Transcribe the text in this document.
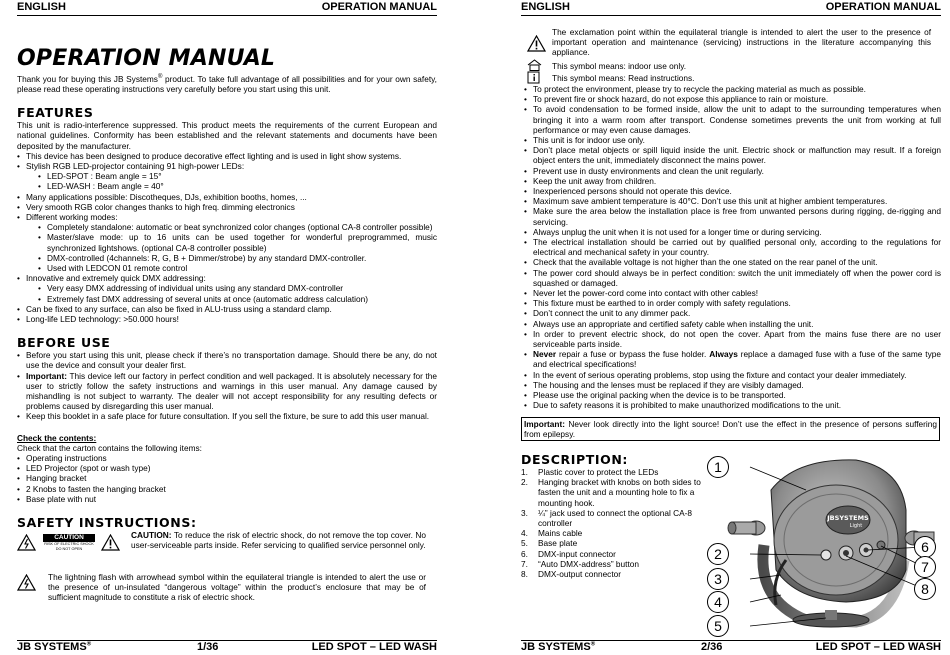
ENGLISH	OPERATION MANUAL
OPERATION MANUAL

Thank you for buying this JB Systems® product. To take full advantage of all possibilities and for your own safety, please read these operating instructions very carefully before you start using this unit.

FEATURES

This unit is radio-interference suppressed. This product meets the requirements of the current European and national guidelines. Conformity has been established and the relevant statements and documents have been deposited by the manufacturer.

• This device has been designed to produce decorative effect lighting and is used in light show systems.
• Stylish RGB LED-projector containing 91 high-power LEDs:
• LED-SPOT : Beam angle = 15°
• LED-WASH : Beam angle = 40°
• Many applications possible: Discotheques, DJs, exhibition booths, homes, ...
• Very smooth RGB color changes thanks to high freq. dimming electronics
• Different working modes:
• Completely standalone: automatic or beat synchronized color changes (optional CA-8 controller possible)
• Master/slave mode: up to 16 units can be used together for wonderful preprogrammed, music synchronized lightshows. (optional CA-8 controller possible)
• DMX-controlled (4channels: R, G, B + Dimmer/strobe) by any standard DMX-controller.
• Used with LEDCON 01 remote control
• Innovative and extremely quick DMX addressing:
• Very easy DMX addressing of individual units using any standard DMX-controller
• Extremely fast DMX addressing of several units at once (automatic address calculation)
• Can be fixed to any surface, can also be fixed in ALU-truss using a standard clamp.
• Long-life LED technology: >50.000 hours!
BEFORE USE
• Before you start using this unit, please check if there’s no transportation damage. Should there be any, do not use the device and consult your dealer first.
• Important: This device left our factory in perfect condition and well packaged. It is absolutely necessary for the user to strictly follow the safety instructions and warnings in this user manual. Any damage caused by mishandling is not subject to warranty. The dealer will not accept responsibility for any resulting defects or problems caused by disregarding this user manual.
• Keep this booklet in a safe place for future consultation. If you sell the fixture, be sure to add this user manual.

Check the contents:

Check that the carton contains the following items:

• Operating instructions
• LED Projector (spot or wash type)
• Hanging bracket
• 2 Knobs to fasten the hanging bracket
• Base plate with nut
SAFETY INSTRUCTIONS:
CAUTION
RISK OF ELECTRIC SHOCK
DO NOT OPEN

CAUTION: To reduce the risk of electric shock, do not remove the top cover. No user-serviceable parts inside. Refer servicing to qualified service personnel only.

The lightning flash with arrowhead symbol within the equilateral triangle is intended to alert the use or the presence of un-insulated “dangerous voltage” within the product’s enclosure that may be of sufficient magnitude to constitute a risk of electric shock.

JB SYSTEMS®	1/36	LED SPOT – LED WASH
ENGLISH	OPERATION MANUAL

The exclamation point within the equilateral triangle is intended to alert the user to the presence of important operation and maintenance (servicing) instructions in the literature accompanying this appliance.

This symbol means: indoor use only.

This symbol means: Read instructions.

• To protect the environment, please try to recycle the packing material as much as possible.
• To prevent fire or shock hazard, do not expose this appliance to rain or moisture.
• To avoid condensation to be formed inside, allow the unit to adapt to the surrounding temperatures when bringing it into a warm room after transport. Condense sometimes prevents the unit from working at full performance or may even cause damages.
• This unit is for indoor use only.
• Don’t place metal objects or spill liquid inside the unit. Electric shock or malfunction may result. If a foreign object enters the unit, immediately disconnect the mains power.
• Prevent use in dusty environments and clean the unit regularly.
• Keep the unit away from children.
• Inexperienced persons should not operate this device.
• Maximum save ambient temperature is 40°C. Don’t use this unit at higher ambient temperatures.
• Make sure the area below the installation place is free from unwanted persons during rigging, de-rigging and servicing.
• Always unplug the unit when it is not used for a longer time or during servicing.
• The electrical installation should be carried out by qualified personal only, according to the regulations for electrical and mechanical safety in your country.
• Check that the available voltage is not higher than the one stated on the rear panel of the unit.
• The power cord should always be in perfect condition: switch the unit immediately off when the power cord is squashed or damaged.
• Never let the power-cord come into contact with other cables!
• This fixture must be earthed to in order comply with safety regulations.
• Don’t connect the unit to any dimmer pack.
• Always use an appropriate and certified safety cable when installing the unit.
• In order to prevent electric shock, do not open the cover. Apart from the mains fuse there are no user serviceable parts inside.
• Never repair a fuse or bypass the fuse holder. Always replace a damaged fuse with a fuse of the same type and electrical specifications!
• In the event of serious operating problems, stop using the fixture and contact your dealer immediately.
• The housing and the lenses must be replaced if they are visibly damaged.
• Please use the original packing when the device is to be transported.
• Due to safety reasons it is prohibited to make unauthorized modifications to the unit.
Important: Never look directly into the light source! Don’t use the effect in the presence of persons suffering from epilepsy.
DESCRIPTION:
1. Plastic cover to protect the LEDs
2. Hanging bracket with knobs on both sides to fasten the unit and a mounting hole to fix a mounting hook.
3. ¼” jack used to connect the optional CA-8 controller
4. Mains cable
5. Base plate
6. DMX-input connector
7. “Auto DMX-address” button
8. DMX-output connector
JBSYSTEMS
Light
1
2
3
4
5
6
7
8
JB SYSTEMS®	2/36	LED SPOT – LED WASH
